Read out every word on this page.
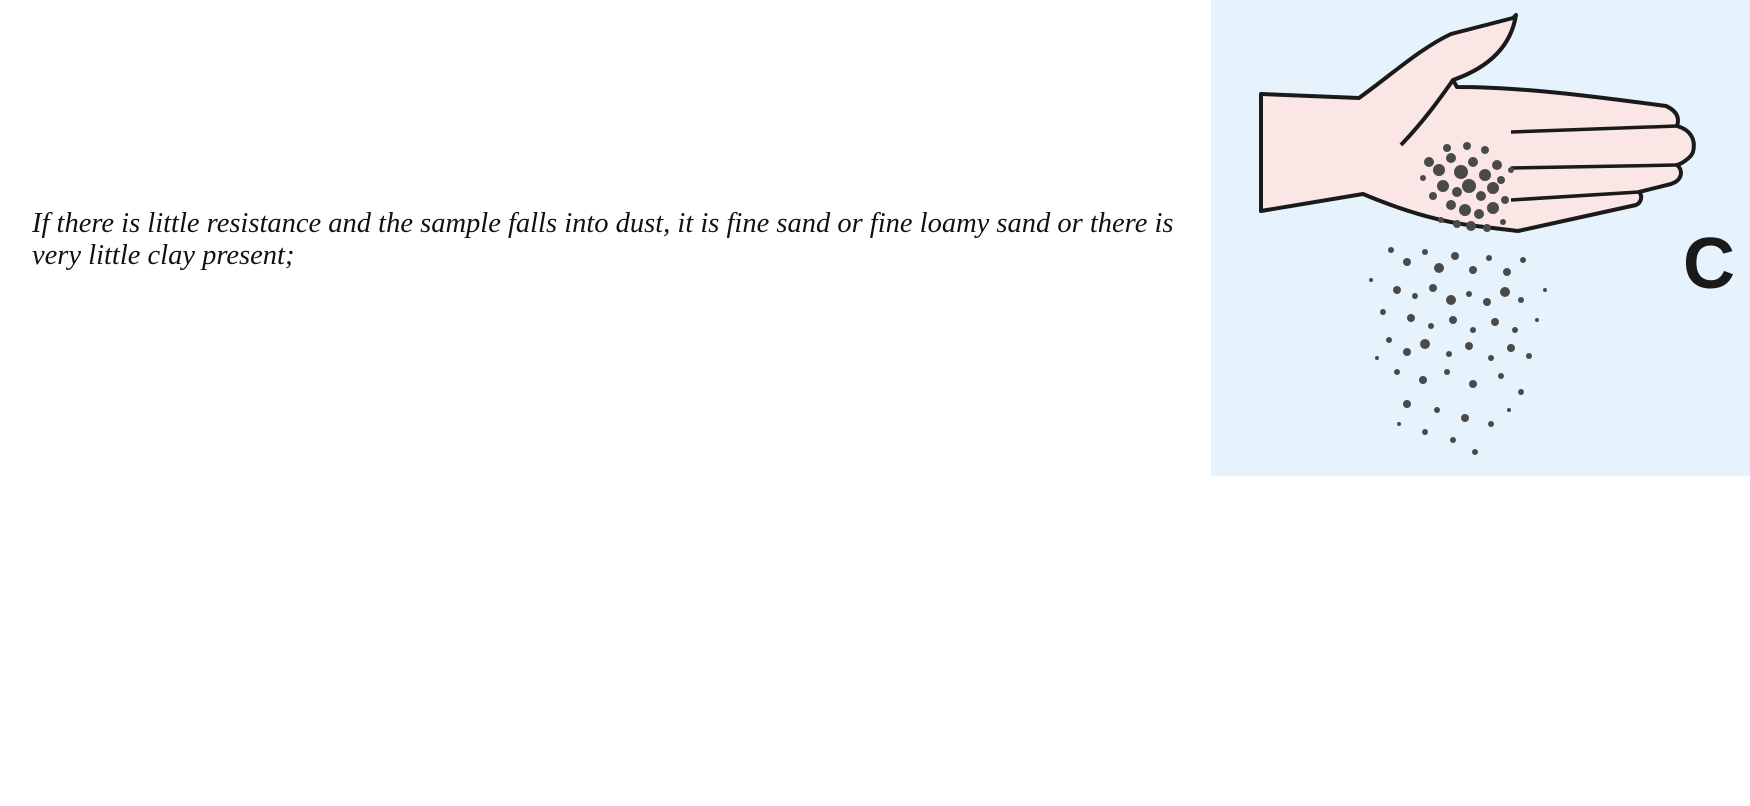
If there is little resistance and the sample falls into dust, it is fine sand or fine loamy sand or there is very little clay present;	C
